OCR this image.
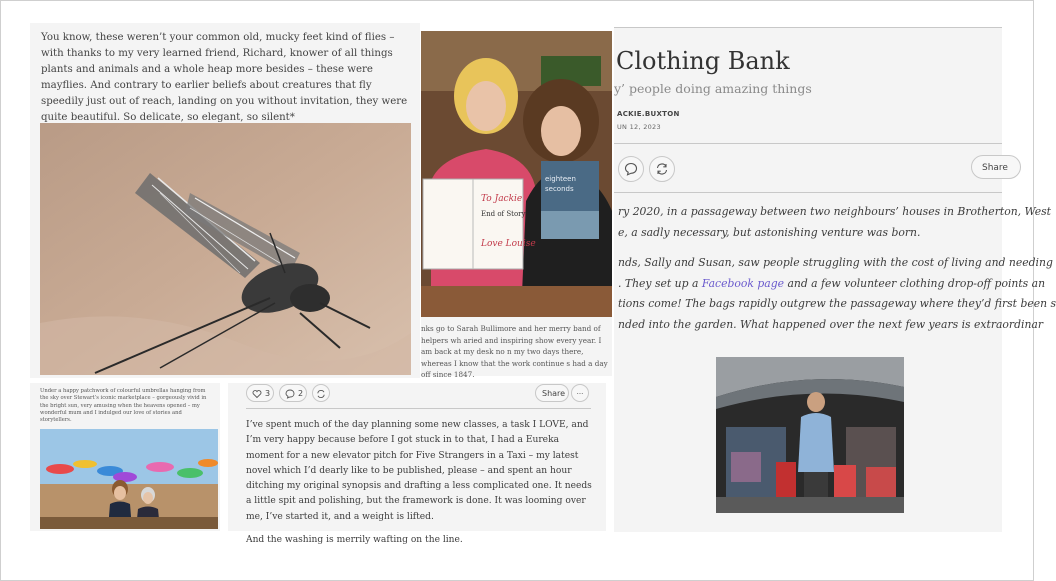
You know, these weren’t your common old, mucky feet kind of flies – with thanks to my very learned friend, Richard, knower of all things plants and animals and a whole heap more besides – these were mayflies. And contrary to earlier beliefs about creatures that fly speedily just out of reach, landing on you without invitation, they were quite beautiful. So delicate, so elegant, so silent*
To Jackie
End of Story
Love Louise
eighteen
seconds
nks go to Sarah Bullimore and her merry band of helpers wh aried and inspiring show every year. I am back at my desk no n my two days there, whereas I know that the work continue s had a day off since 1847.
Clothing Bank
y’ people doing amazing things
ACKIE.BUXTON
UN 12, 2023
Share

ry 2020, in a passageway between two neighbours’ houses in Brotherton, West
e, a sadly necessary, but astonishing venture was born.

nds, Sally and Susan, saw people struggling with the cost of living and needing
. They set up a Facebook page and a few volunteer clothing drop-off points an
tions come! The bags rapidly outgrew the passageway where they’d first been s
nded into the garden. What happened over the next few years is extraordinar

Under a happy patchwork of colourful umbrellas hanging from the sky over Stewart’s iconic marketplace – gorgeously vivid in the bright sun, very amusing when the heavens opened – my wonderful mum and I indulged our love of stories and storytellers.
3	2	Share	···

I’ve spent much of the day planning some new classes, a task I LOVE, and I’m very happy because before I got stuck in to that, I had a Eureka moment for a new elevator pitch for Five Strangers in a Taxi – my latest novel which I’d dearly like to be published, please – and spent an hour ditching my original synopsis and drafting a less complicated one. It needs a little spit and polishing, but the framework is done. It was looming over me, I’ve started it, and a weight is lifted.

And the washing is merrily wafting on the line.
